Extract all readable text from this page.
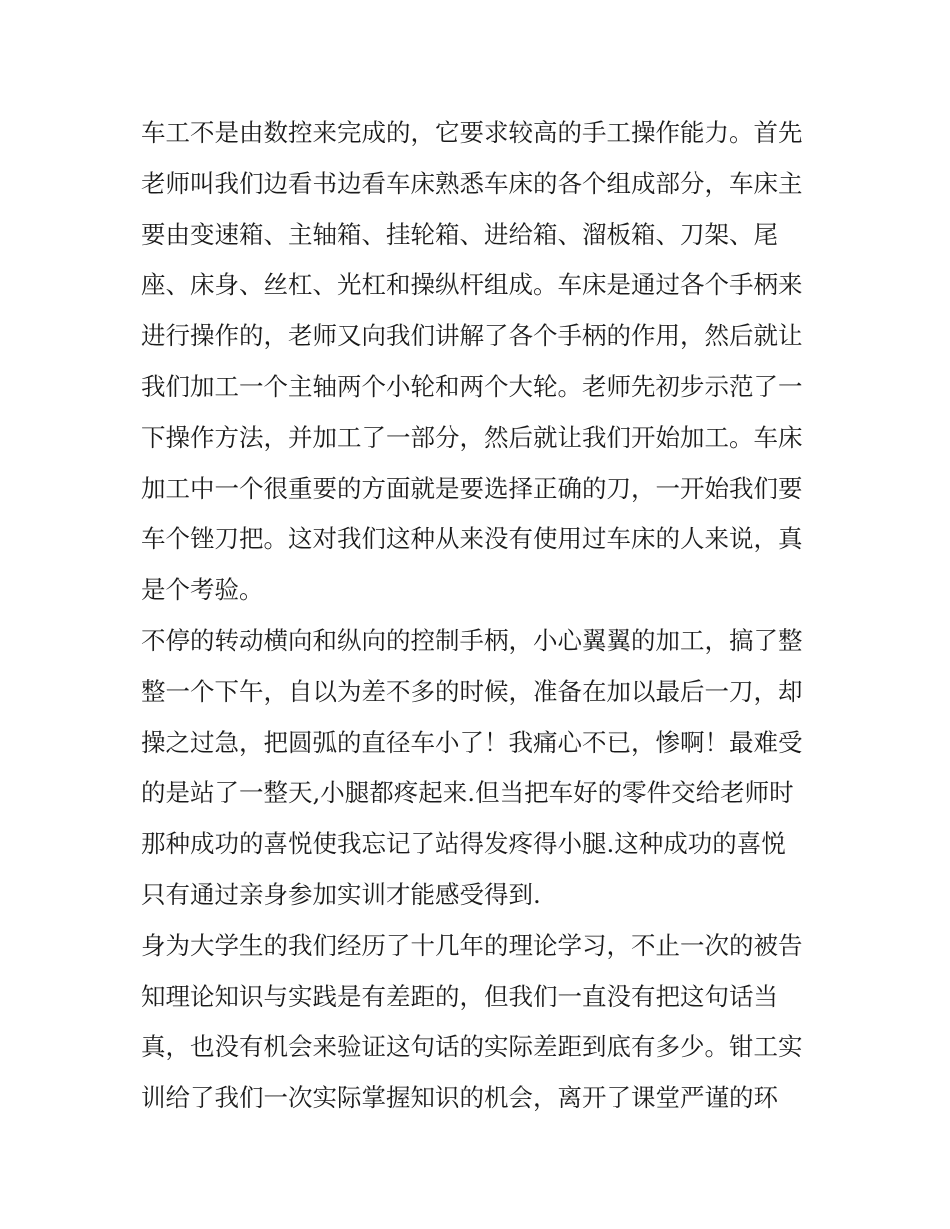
车工不是由数控来完成的，它要求较高的手工操作能力。首先
老师叫我们边看书边看车床熟悉车床的各个组成部分，车床主
要由变速箱、主轴箱、挂轮箱、进给箱、溜板箱、刀架、尾
座、床身、丝杠、光杠和操纵杆组成。车床是通过各个手柄来
进行操作的，老师又向我们讲解了各个手柄的作用，然后就让
我们加工一个主轴两个小轮和两个大轮。老师先初步示范了一
下操作方法，并加工了一部分，然后就让我们开始加工。车床
加工中一个很重要的方面就是要选择正确的刀，一开始我们要
车个锉刀把。这对我们这种从来没有使用过车床的人来说，真
是个考验。
不停的转动横向和纵向的控制手柄，小心翼翼的加工，搞了整
整一个下午，自以为差不多的时候，准备在加以最后一刀，却
操之过急，把圆弧的直径车小了！我痛心不已，惨啊！最难受
的是站了一整天,小腿都疼起来.但当把车好的零件交给老师时
那种成功的喜悦使我忘记了站得发疼得小腿.这种成功的喜悦
只有通过亲身参加实训才能感受得到.
身为大学生的我们经历了十几年的理论学习，不止一次的被告
知理论知识与实践是有差距的，但我们一直没有把这句话当
真，也没有机会来验证这句话的实际差距到底有多少。钳工实
训给了我们一次实际掌握知识的机会，离开了课堂严谨的环
